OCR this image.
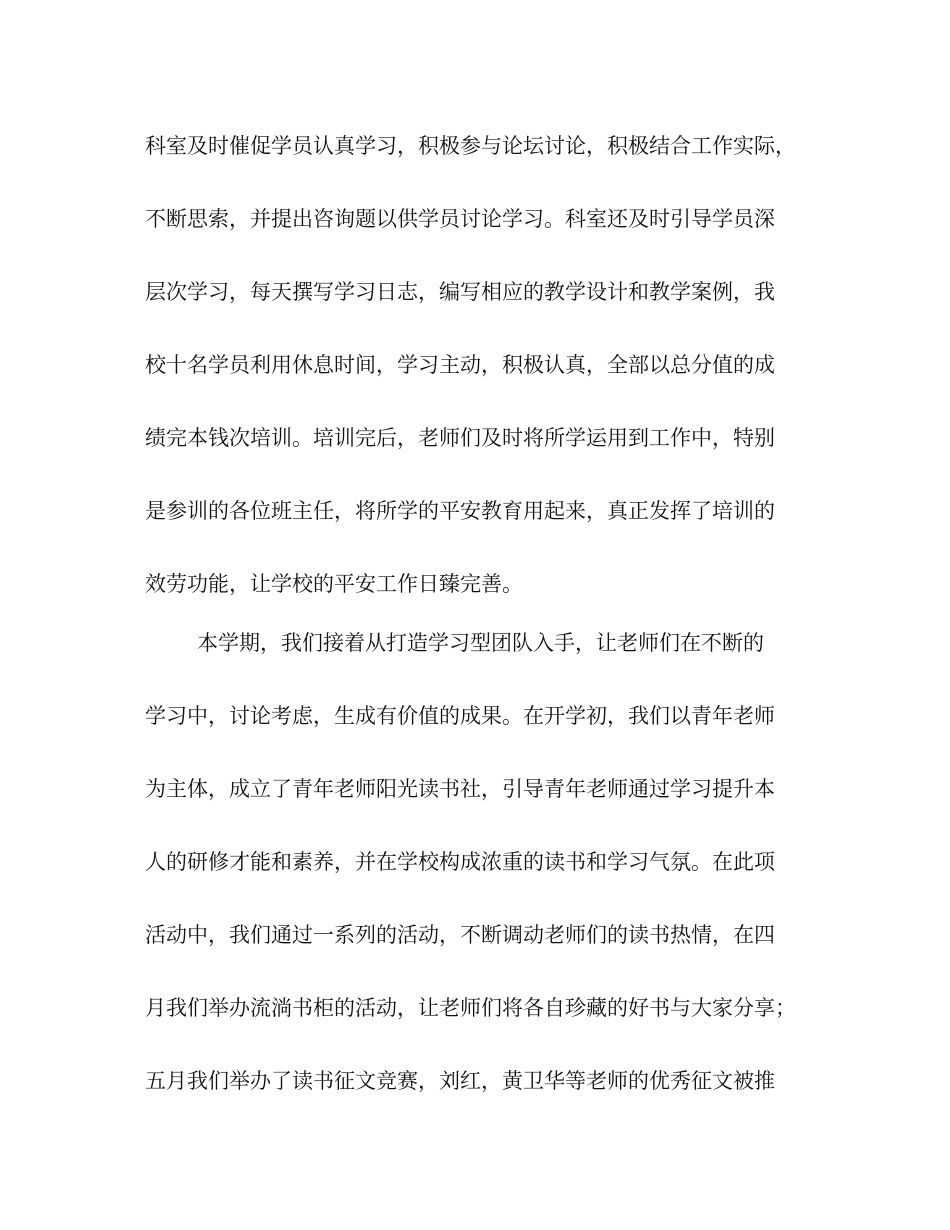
科室及时催促学员认真学习，积极参与论坛讨论，积极结合工作实际，

不断思索，并提出咨询题以供学员讨论学习。科室还及时引导学员深

层次学习，每天撰写学习日志，编写相应的教学设计和教学案例，我

校十名学员利用休息时间，学习主动，积极认真，全部以总分值的成

绩完本钱次培训。培训完后，老师们及时将所学运用到工作中，特别

是参训的各位班主任，将所学的平安教育用起来，真正发挥了培训的

效劳功能，让学校的平安工作日臻完善。

本学期，我们接着从打造学习型团队入手，让老师们在不断的

学习中，讨论考虑，生成有价值的成果。在开学初，我们以青年老师

为主体，成立了青年老师阳光读书社，引导青年老师通过学习提升本

人的研修才能和素养，并在学校构成浓重的读书和学习气氛。在此项

活动中，我们通过一系列的活动，不断调动老师们的读书热情，在四

月我们举办流淌书柜的活动，让老师们将各自珍藏的好书与大家分享；

五月我们举办了读书征文竞赛，刘红，黄卫华等老师的优秀征文被推
